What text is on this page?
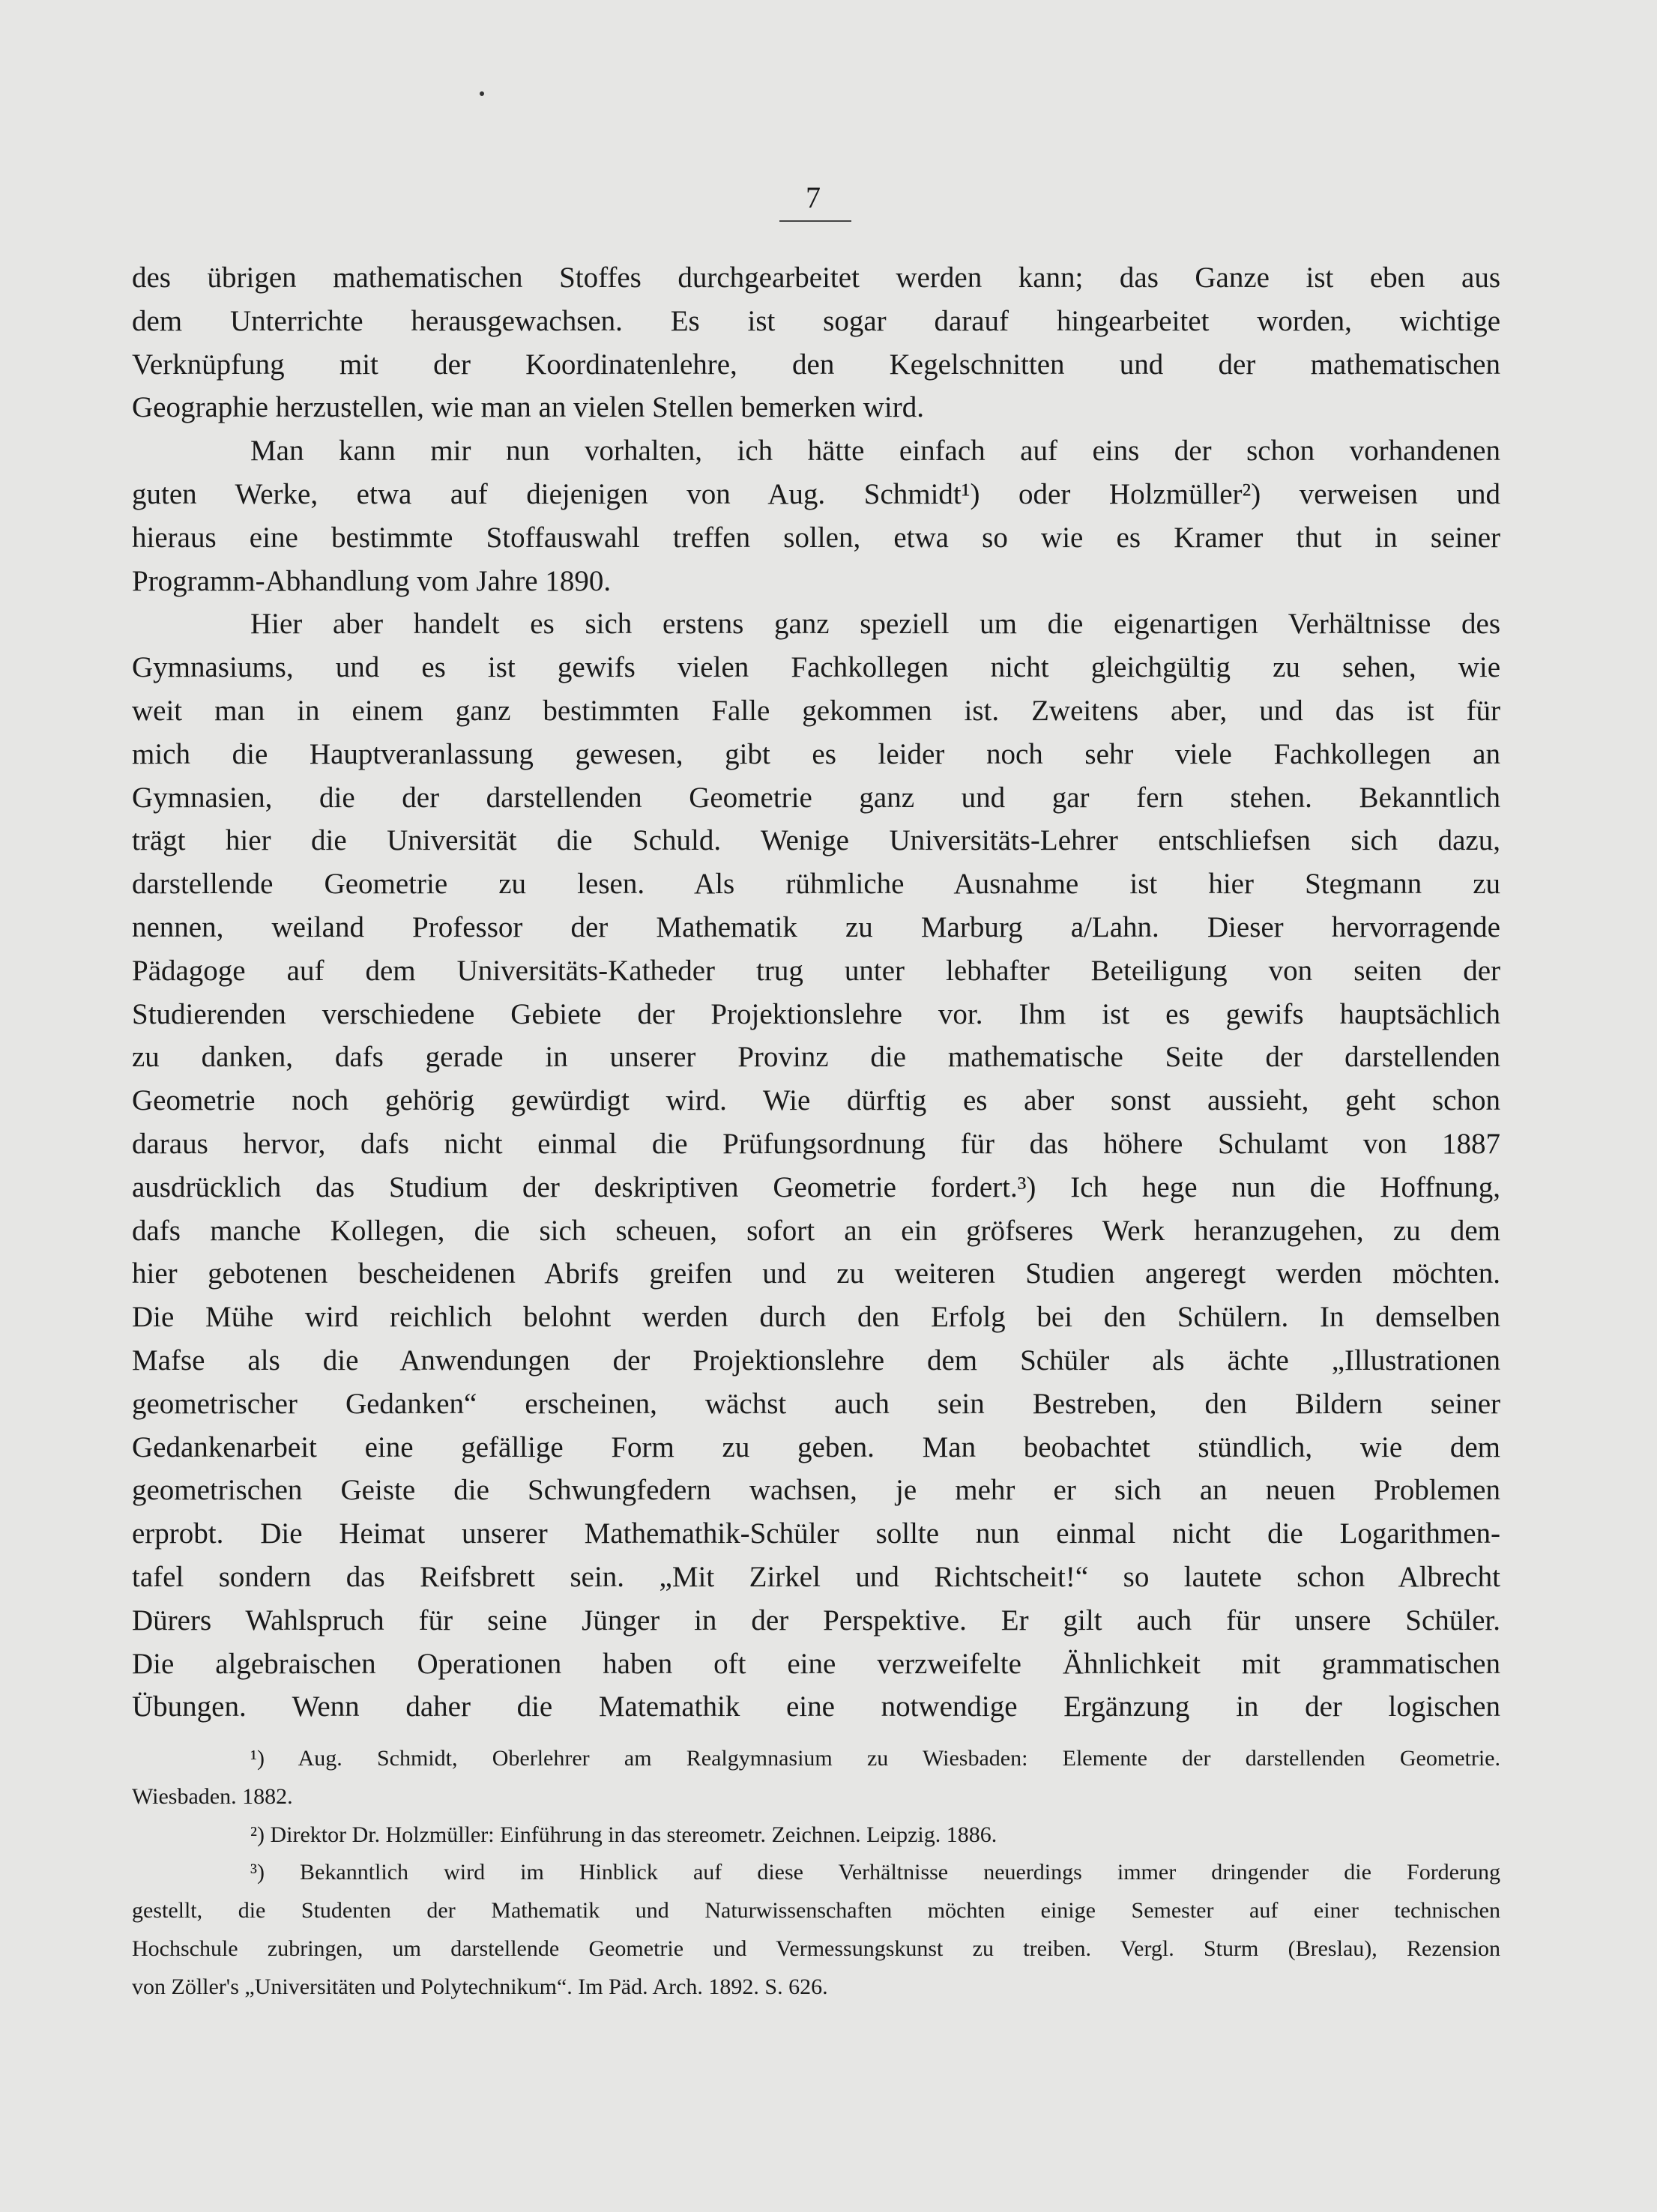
7
des übrigen mathematischen Stoffes durchgearbeitet werden kann; das Ganze ist eben aus
dem Unterrichte herausgewachsen. Es ist sogar darauf hingearbeitet worden, wichtige
Verknüpfung mit der Koordinatenlehre, den Kegelschnitten und der mathematischen
Geographie herzustellen, wie man an vielen Stellen bemerken wird.
Man kann mir nun vorhalten, ich hätte einfach auf eins der schon vorhandenen
guten Werke, etwa auf diejenigen von Aug. Schmidt¹) oder Holzmüller²) verweisen und
hieraus eine bestimmte Stoffauswahl treffen sollen, etwa so wie es Kramer thut in seiner
Programm-Abhandlung vom Jahre 1890.
Hier aber handelt es sich erstens ganz speziell um die eigenartigen Verhältnisse des
Gymnasiums, und es ist gewifs vielen Fachkollegen nicht gleichgültig zu sehen, wie
weit man in einem ganz bestimmten Falle gekommen ist. Zweitens aber, und das ist für
mich die Hauptveranlassung gewesen, gibt es leider noch sehr viele Fachkollegen an
Gymnasien, die der darstellenden Geometrie ganz und gar fern stehen. Bekanntlich
trägt hier die Universität die Schuld. Wenige Universitäts-Lehrer entschliefsen sich dazu,
darstellende Geometrie zu lesen. Als rühmliche Ausnahme ist hier Stegmann zu
nennen, weiland Professor der Mathematik zu Marburg a/Lahn. Dieser hervorragende
Pädagoge auf dem Universitäts-Katheder trug unter lebhafter Beteiligung von seiten der
Studierenden verschiedene Gebiete der Projektionslehre vor. Ihm ist es gewifs hauptsächlich
zu danken, dafs gerade in unserer Provinz die mathematische Seite der darstellenden
Geometrie noch gehörig gewürdigt wird. Wie dürftig es aber sonst aussieht, geht schon
daraus hervor, dafs nicht einmal die Prüfungsordnung für das höhere Schulamt von 1887
ausdrücklich das Studium der deskriptiven Geometrie fordert.³) Ich hege nun die Hoffnung,
dafs manche Kollegen, die sich scheuen, sofort an ein gröfseres Werk heranzugehen, zu dem
hier gebotenen bescheidenen Abrifs greifen und zu weiteren Studien angeregt werden möchten.
Die Mühe wird reichlich belohnt werden durch den Erfolg bei den Schülern. In demselben
Mafse als die Anwendungen der Projektionslehre dem Schüler als ächte „Illustrationen
geometrischer Gedanken“ erscheinen, wächst auch sein Bestreben, den Bildern seiner
Gedankenarbeit eine gefällige Form zu geben. Man beobachtet stündlich, wie dem
geometrischen Geiste die Schwungfedern wachsen, je mehr er sich an neuen Problemen
erprobt. Die Heimat unserer Mathemathik-Schüler sollte nun einmal nicht die Logarithmen-
tafel sondern das Reifsbrett sein. „Mit Zirkel und Richtscheit!“ so lautete schon Albrecht
Dürers Wahlspruch für seine Jünger in der Perspektive. Er gilt auch für unsere Schüler.
Die algebraischen Operationen haben oft eine verzweifelte Ähnlichkeit mit grammatischen
Übungen. Wenn daher die Matemathik eine notwendige Ergänzung in der logischen
¹) Aug. Schmidt, Oberlehrer am Realgymnasium zu Wiesbaden: Elemente der darstellenden Geometrie.
Wiesbaden. 1882.
²) Direktor Dr. Holzmüller: Einführung in das stereometr. Zeichnen. Leipzig. 1886.
³) Bekanntlich wird im Hinblick auf diese Verhältnisse neuerdings immer dringender die Forderung
gestellt, die Studenten der Mathematik und Naturwissenschaften möchten einige Semester auf einer technischen
Hochschule zubringen, um darstellende Geometrie und Vermessungskunst zu treiben. Vergl. Sturm (Breslau), Rezension
von Zöller's „Universitäten und Polytechnikum“. Im Päd. Arch. 1892. S. 626.
